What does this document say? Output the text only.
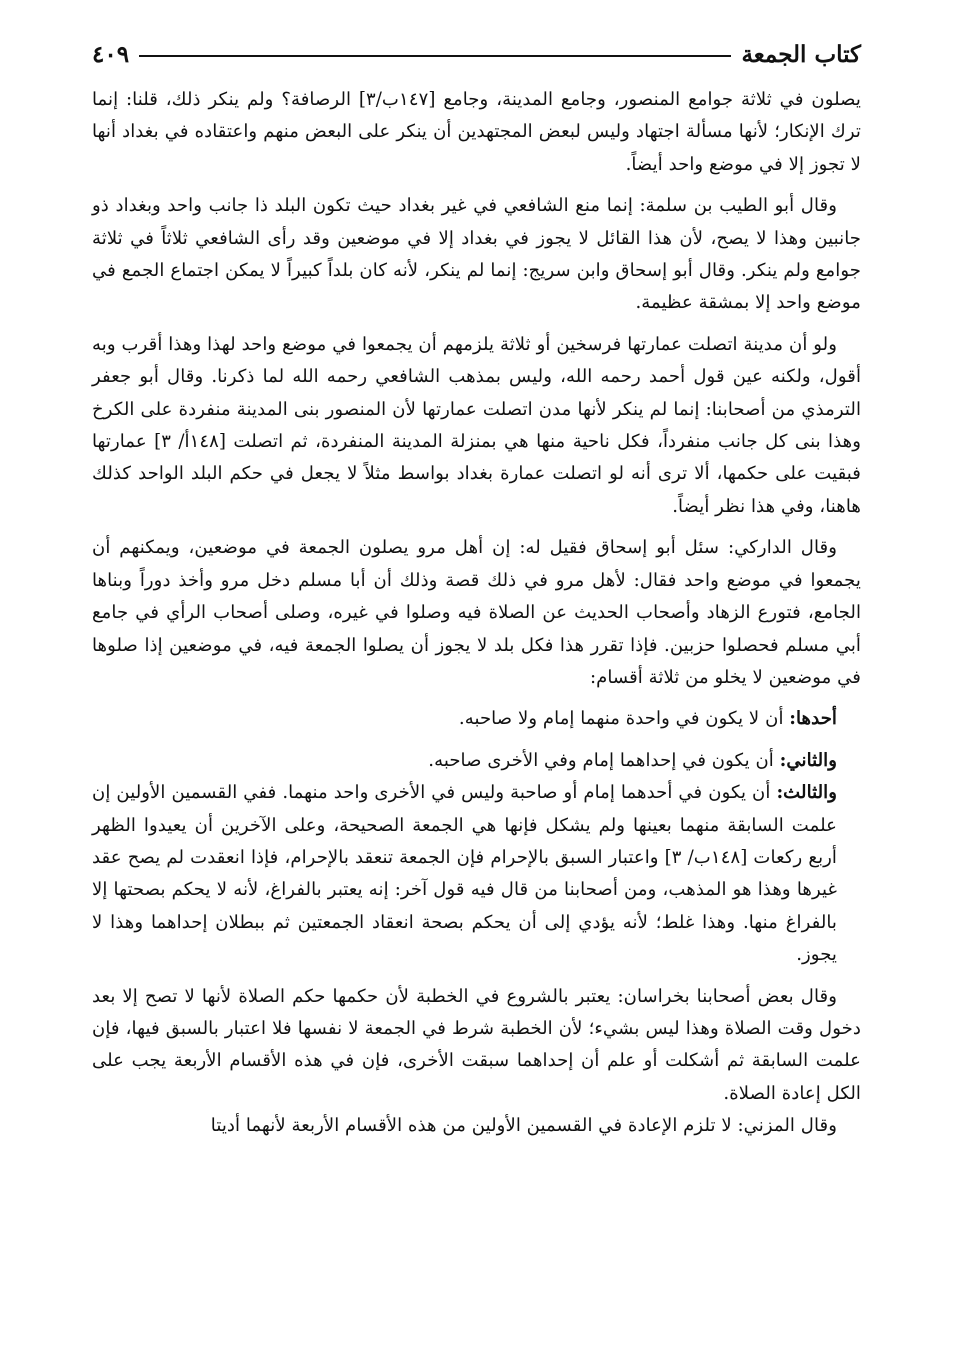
كتاب الجمعة
٤٠٩

يصلون في ثلاثة جوامع المنصور، وجامع المدينة، وجامع [١٤٧ب/٣] الرصافة؟ ولم ينكر ذلك، قلنا: إنما ترك الإنكار؛ لأنها مسألة اجتهاد وليس لبعض المجتهدين أن ينكر على البعض منهم واعتقاده في بغداد أنها لا تجوز إلا في موضع واحد أيضاً.

وقال أبو الطيب بن سلمة: إنما منع الشافعي في غير بغداد حيث تكون البلد ذا جانب واحد وبغداد ذو جانبين وهذا لا يصح، لأن هذا القائل لا يجوز في بغداد إلا في موضعين وقد رأى الشافعي ثلاثاً في ثلاثة جوامع ولم ينكر. وقال أبو إسحاق وابن سريج: إنما لم ينكر، لأنه كان بلداً كبيراً لا يمكن اجتماع الجمع في موضع واحد إلا بمشقة عظيمة.

ولو أن مدينة اتصلت عمارتها فرسخين أو ثلاثة يلزمهم أن يجمعوا في موضع واحد لهذا وهذا أقرب وبه أقول، ولكنه عين قول أحمد رحمه الله، وليس بمذهب الشافعي رحمه الله لما ذكرنا. وقال أبو جعفر الترمذي من أصحابنا: إنما لم ينكر لأنها مدن اتصلت عمارتها لأن المنصور بنى المدينة منفردة على الكرخ وهذا بنى كل جانب منفرداً، فكل ناحية منها هي بمنزلة المدينة المنفردة، ثم اتصلت [١٤٨أ/ ٣] عمارتها فبقيت على حكمها، ألا ترى أنه لو اتصلت عمارة بغداد بواسط مثلاً لا يجعل في حكم البلد الواحد كذلك هاهنا، وفي هذا نظر أيضاً.

وقال الداركي: سئل أبو إسحاق فقيل له: إن أهل مرو يصلون الجمعة في موضعين، ويمكنهم أن يجمعوا في موضع واحد فقال: لأهل مرو في ذلك قصة وذلك أن أبا مسلم دخل مرو وأخذ دوراً وبناها الجامع، فتورع الزهاد وأصحاب الحديث عن الصلاة فيه وصلوا في غيره، وصلى أصحاب الرأي في جامع أبي مسلم فحصلوا حزبين. فإذا تقرر هذا فكل بلد لا يجوز أن يصلوا الجمعة فيه، في موضعين إذا صلوها في موضعين لا يخلو من ثلاثة أقسام:

أحدها: أن لا يكون في واحدة منهما إمام ولا صاحبه.

والثاني: أن يكون في إحداهما إمام وفي الأخرى صاحبه.

والثالث: أن يكون في أحدهما إمام أو صاحبة وليس في الأخرى واحد منهما. ففي القسمين الأولين إن علمت السابقة منهما بعينها ولم يشكل فإنها هي الجمعة الصحيحة، وعلى الآخرين أن يعيدوا الظهر أربع ركعات [١٤٨ب/ ٣] واعتبار السبق بالإحرام فإن الجمعة تنعقد بالإحرام، فإذا انعقدت لم يصح عقد غيرها وهذا هو المذهب، ومن أصحابنا من قال فيه قول آخر: إنه يعتبر بالفراغ، لأنه لا يحكم بصحتها إلا بالفراغ منها. وهذا غلط؛ لأنه يؤدي إلى أن يحكم بصحة انعقاد الجمعتين ثم ببطلان إحداهما وهذا لا يجوز.

وقال بعض أصحابنا بخراسان: يعتبر بالشروع في الخطبة لأن حكمها حكم الصلاة لأنها لا تصح إلا بعد دخول وقت الصلاة وهذا ليس بشيء؛ لأن الخطبة شرط في الجمعة لا نفسها فلا اعتبار بالسبق فيها، فإن علمت السابقة ثم أشكلت أو علم أن إحداهما سبقت الأخرى، فإن في هذه الأقسام الأربعة يجب على الكل إعادة الصلاة.

وقال المزني: لا تلزم الإعادة في القسمين الأولين من هذه الأقسام الأربعة لأنهما أديتا
